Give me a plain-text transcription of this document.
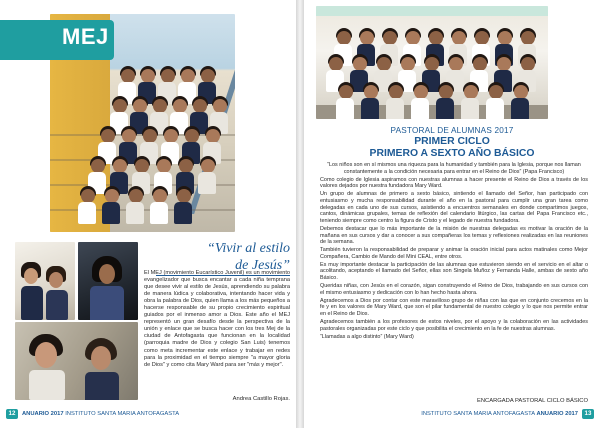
MEJ
“Vivir al estilo
de Jesús”
El MEJ (movimiento Eucarístico Juvenil) es un movimiento evangelizador que busca encantar a cada niña temprana que desee vivir al estilo de Jesús, aprendiendo su palabra de manera lúdica y colaborativa, intentando hacer vida y obra la palabra de Dios, quien llama a los más pequeños a hacerse responsable de su propio crecimiento espiritual guiados por el inmenso amor a Dios. Este año el MEJ representó un gran desafío desde la perspectiva de la unión y enlace que se busca hacer con los tres Mej de la ciudad de Antofagasta que funcionan en la localidad (parroquia madre de Dios y colegio San Luis) tenemos como meta incrementar este enlace y trabajar en redes para la proximidad en el tiempo siempre "a mayor gloria de Dios" y como cita Mary Ward para ser "más y mejor".
Andrea Castillo Rojas.
12	ANUARIO 2017 INSTITUTO SANTA MARIA ANTOFAGASTA
PASTORAL DE ALUMNAS 2017
PRIMER CICLO
PRIMERO A SEXTO AÑO BÁSICO

“Los niños son en sí mismos una riqueza para la humanidad y también para la Iglesia, porque nos llaman constantemente a la condición necesaria para entrar en el Reino de Dios” (Papa Francisco)

Como colegio de Iglesia aspiramos con nuestras alumnas a hacer presente el Reino de Dios a través de los valores dejados por nuestra fundadora Mary Ward.

Un grupo de alumnas de primero a sexto básico, sintiendo el llamado del Señor, han participado con entusiasmo y mucha responsabilidad durante el año en la pastoral para cumplir una gran tarea como delegadas en cada uno de sus cursos, asistiendo a encuentros semanales en donde compartimos juegos, cantos, dinámicas grupales, temas de reflexión del calendario litúrgico, las cartas del Papa Francisco etc., teniendo siempre como centro la figura de Cristo y el legado de nuestra fundadora.

Debemos destacar que lo más importante de la misión de nuestras delegadas es motivar la oración de la mañana en sus cursos y dar a conocer a sus compañeras los temas y reflexiones realizadas en las reuniones de la semana.

También tuvieron la responsabilidad de preparar y animar la oración inicial para actos matinales como Mejor Compañera, Cambio de Mando del Mini CEAL, entre otros.

Es muy importante destacar la participación de las alumnas que estuvieron siendo en el servicio en el altar o acolitando, aceptando el llamado del Señor, ellas son Singela Muñoz y Fernanda Halle, ambas de sexto año Básico.

Queridas niñas, con Jesús en el corazón, sigan construyendo el Reino de Dios, trabajando en sus cursos con el mismo entusiasmo y dedicación con lo han hecho hasta ahora.

Agradecemos a Dios por contar con este maravilloso grupo de niñas con las que en conjunto crecemos en la fe y en los valores de Mary Ward, que son el pilar fundamental de nuestro colegio y lo que nos permite entrar en el Reino de Dios.

Agradecemos también a los profesores de estos niveles, por el apoyo y la colaboración en las actividades pastorales organizadas por este ciclo y que posibilita el crecimiento en la fe de nuestras alumnas.

“Llamadas a algo distinto” (Mary Ward)

ENCARGADA PASTORAL CICLO BÁSICO
INSTITUTO SANTA MARIA ANTOFAGASTA ANUARIO 2017	13
